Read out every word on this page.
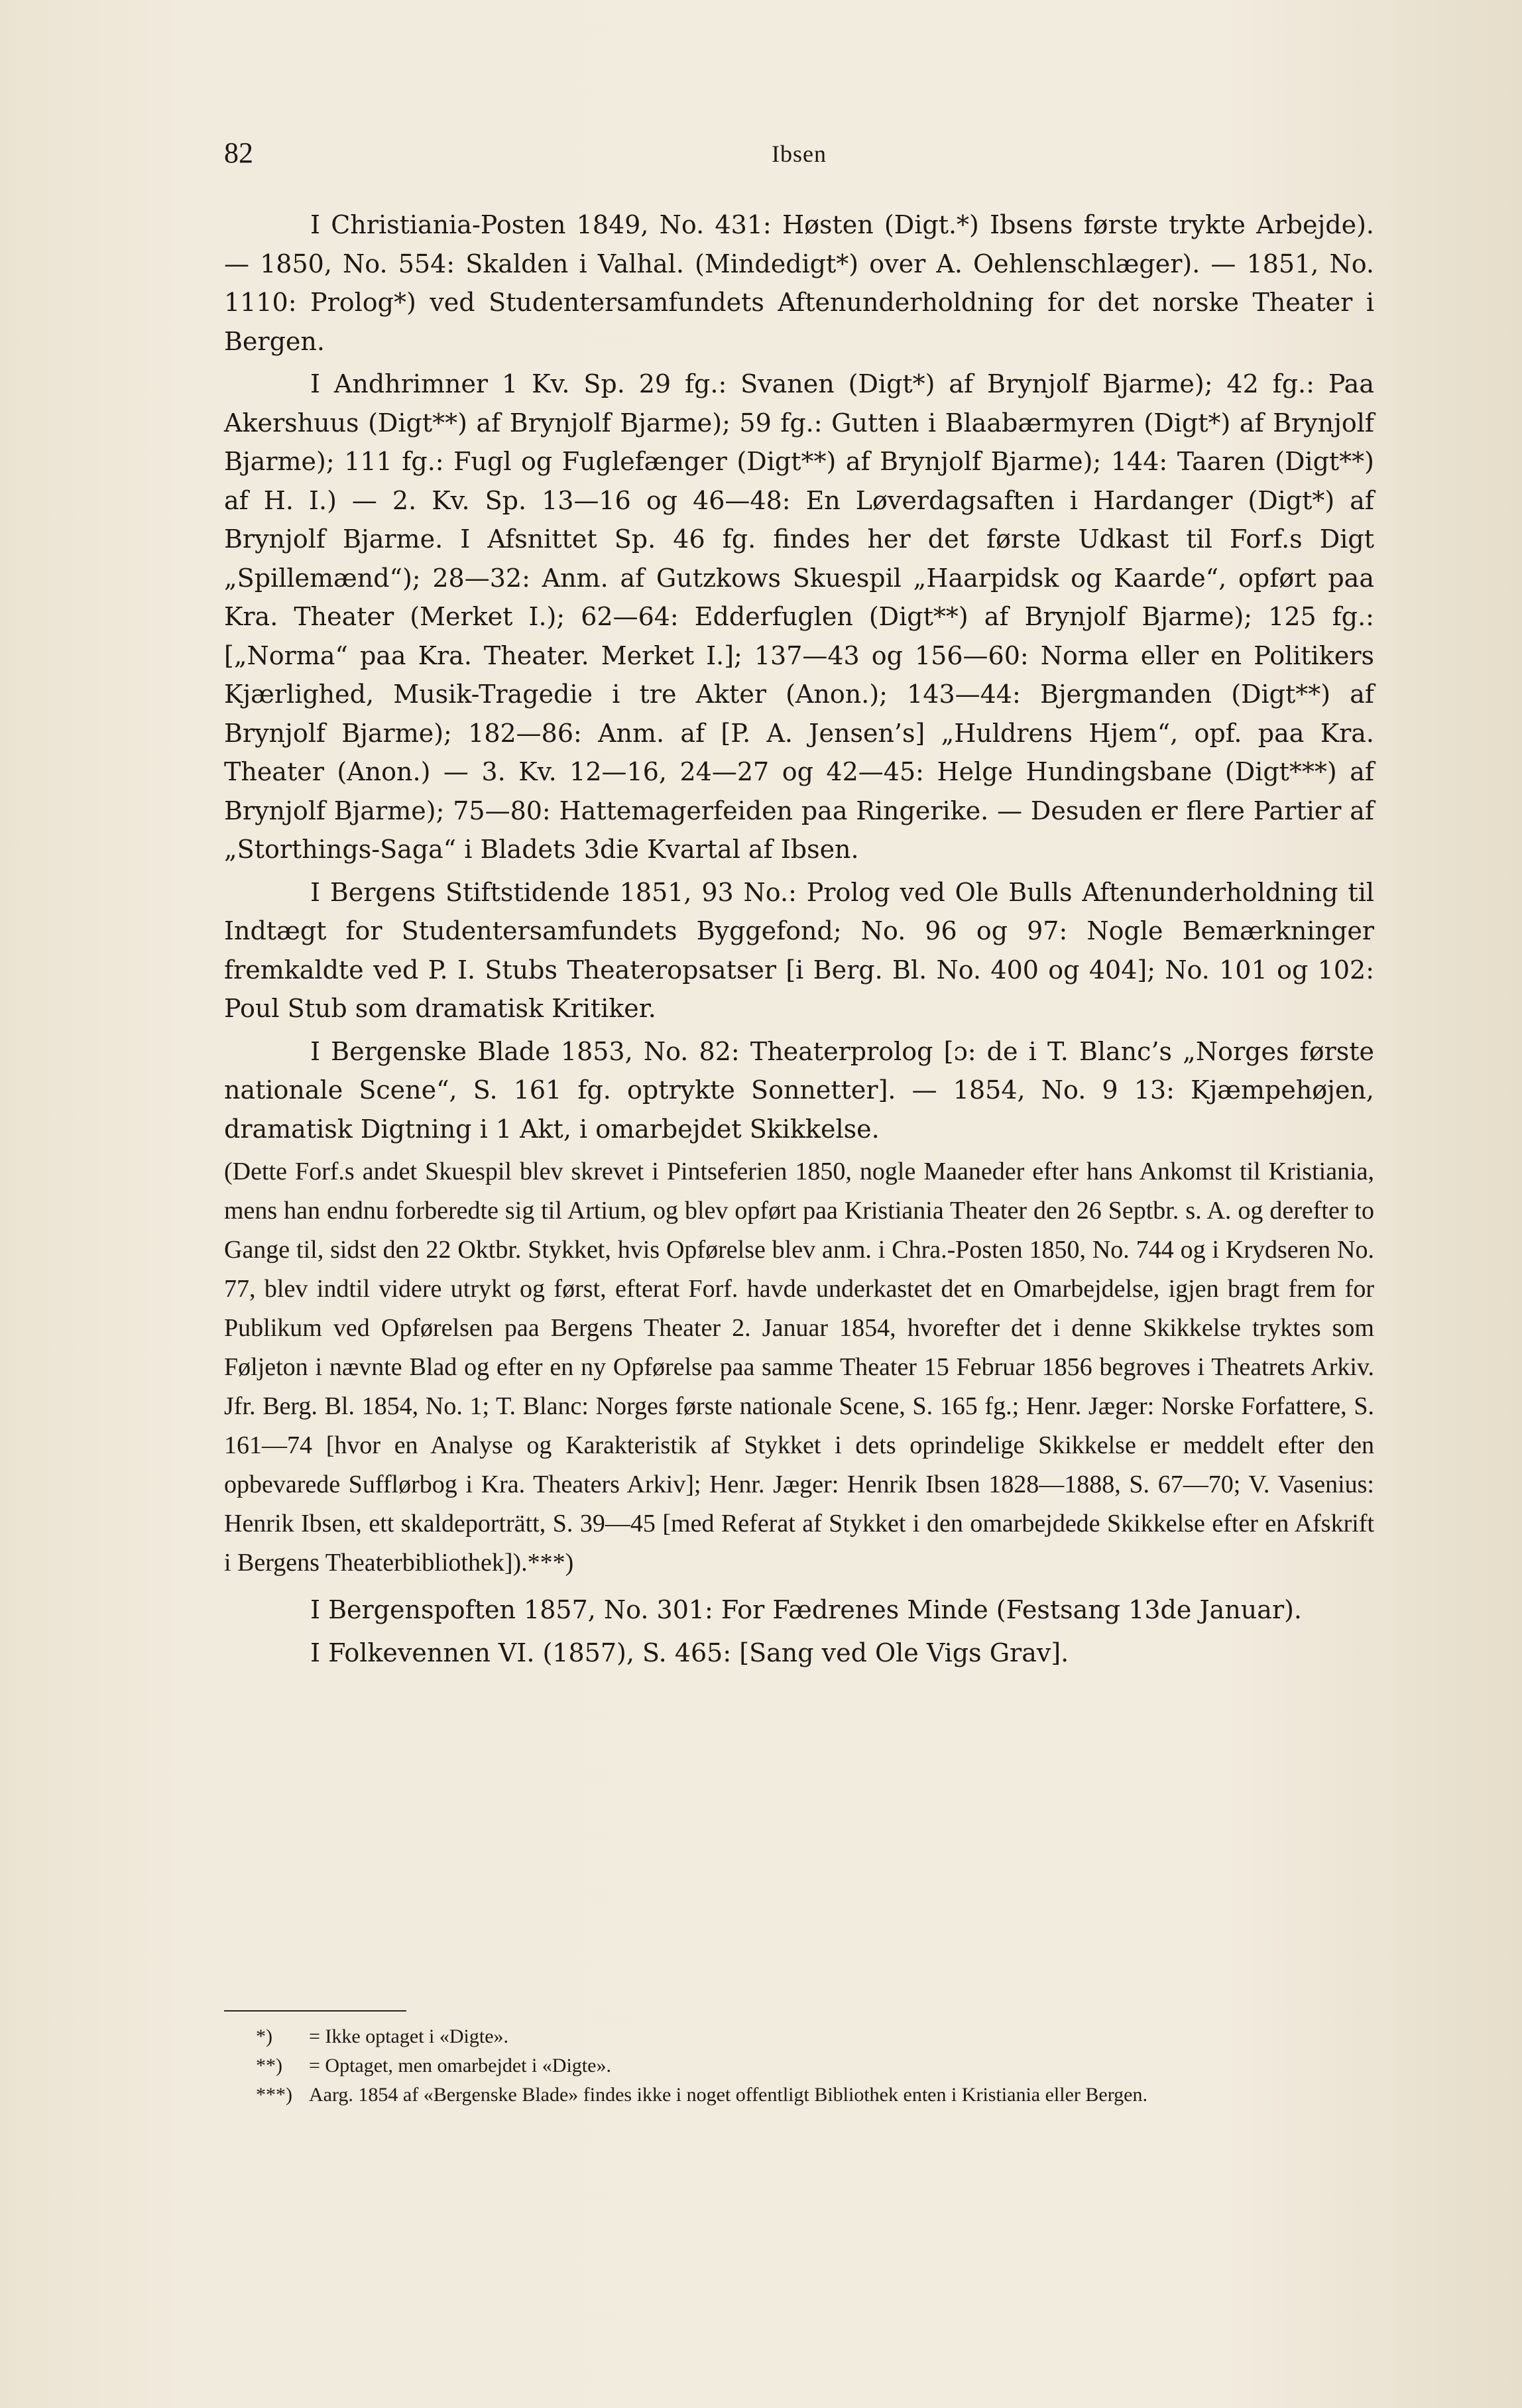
82	Ibsen

I Christiania-Posten 1849, No. 431: Høsten (Digt.*) Ibsens første trykte Arbejde). — 1850, No. 554: Skalden i Valhal. (Mindedigt*) over A. Oehlenschlæger). — 1851, No. 1110: Prolog*) ved Studentersamfundets Aftenunderholdning for det norske Theater i Bergen.

I Andhrimner 1 Kv. Sp. 29 fg.: Svanen (Digt*) af Brynjolf Bjarme); 42 fg.: Paa Akershuus (Digt**) af Brynjolf Bjarme); 59 fg.: Gutten i Blaabærmyren (Digt*) af Brynjolf Bjarme); 111 fg.: Fugl og Fuglefænger (Digt**) af Brynjolf Bjarme); 144: Taaren (Digt**) af H. I.) — 2. Kv. Sp. 13—16 og 46—48: En Løverdagsaften i Hardanger (Digt*) af Brynjolf Bjarme. I Afsnittet Sp. 46 fg. findes her det første Udkast til Forf.s Digt „Spillemænd“); 28—32: Anm. af Gutzkows Skuespil „Haarpidsk og Kaarde“, opført paa Kra. Theater (Merket I.); 62—64: Edderfuglen (Digt**) af Brynjolf Bjarme); 125 fg.: [„Norma“ paa Kra. Theater. Merket I.]; 137—43 og 156—60: Norma eller en Politikers Kjærlighed, Musik-Tragedie i tre Akter (Anon.); 143—44: Bjergmanden (Digt**) af Brynjolf Bjarme); 182—86: Anm. af [P. A. Jensen’s] „Huldrens Hjem“, opf. paa Kra. Theater (Anon.) — 3. Kv. 12—16, 24—27 og 42—45: Helge Hundingsbane (Digt***) af Brynjolf Bjarme); 75—80: Hattemagerfeiden paa Ringerike. — Desuden er flere Partier af „Storthings-Saga“ i Bladets 3die Kvartal af Ibsen.

I Bergens Stiftstidende 1851, 93 No.: Prolog ved Ole Bulls Aftenunderholdning til Indtægt for Studentersamfundets Byggefond; No. 96 og 97: Nogle Bemærkninger fremkaldte ved P. I. Stubs Theateropsatser [i Berg. Bl. No. 400 og 404]; No. 101 og 102: Poul Stub som dramatisk Kritiker.

I Bergenske Blade 1853, No. 82: Theaterprolog [ɔ: de i T. Blanc’s „Norges første nationale Scene“, S. 161 fg. optrykte Sonnetter]. — 1854, No. 9 13: Kjæmpehøjen, dramatisk Digtning i 1 Akt, i omarbejdet Skikkelse.

(Dette Forf.s andet Skuespil blev skrevet i Pintseferien 1850, nogle Maaneder efter hans Ankomst til Kristiania, mens han endnu forberedte sig til Artium, og blev opført paa Kristiania Theater den 26 Septbr. s. A. og derefter to Gange til, sidst den 22 Oktbr. Stykket, hvis Opførelse blev anm. i Chra.-Posten 1850, No. 744 og i Krydseren No. 77, blev indtil videre utrykt og først, efterat Forf. havde underkastet det en Omarbejdelse, igjen bragt frem for Publikum ved Opførelsen paa Bergens Theater 2. Januar 1854, hvorefter det i denne Skikkelse tryktes som Føljeton i nævnte Blad og efter en ny Opførelse paa samme Theater 15 Februar 1856 begroves i Theatrets Arkiv. Jfr. Berg. Bl. 1854, No. 1; T. Blanc: Norges første nationale Scene, S. 165 fg.; Henr. Jæger: Norske Forfattere, S. 161—74 [hvor en Analyse og Karakteristik af Stykket i dets oprindelige Skikkelse er meddelt efter den opbevarede Sufflørbog i Kra. Theaters Arkiv]; Henr. Jæger: Henrik Ibsen 1828—1888, S. 67—70; V. Vasenius: Henrik Ibsen, ett skaldeporträtt, S. 39—45 [med Referat af Stykket i den omarbejdede Skikkelse efter en Afskrift i Bergens Theaterbibliothek]).***)

I Bergenspoften 1857, No. 301: For Fædrenes Minde (Festsang 13de Januar).

I Folkevennen VI. (1857), S. 465: [Sang ved Ole Vigs Grav].

*) = Ikke optaget i «Digte».
**) = Optaget, men omarbejdet i «Digte».
***) Aarg. 1854 af «Bergenske Blade» findes ikke i noget offentligt Bibliothek enten i Kristiania eller Bergen.
